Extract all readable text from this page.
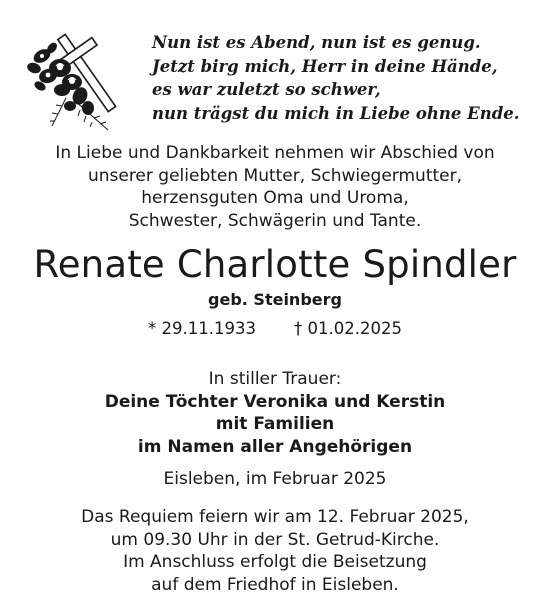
Nun ist es Abend, nun ist es genug.
Jetzt birg mich, Herr in deine Hände,
es war zuletzt so schwer,
nun trägst du mich in Liebe ohne Ende.
In Liebe und Dankbarkeit nehmen wir Abschied von
unserer geliebten Mutter, Schwiegermutter,
herzensguten Oma und Uroma,
Schwester, Schwägerin und Tante.
Renate Charlotte Spindler
geb. Steinberg
* 29.11.1933 † 01.02.2025
In stiller Trauer:
Deine Töchter Veronika und Kerstin
mit Familien
im Namen aller Angehörigen
Eisleben, im Februar 2025
Das Requiem feiern wir am 12. Februar 2025,
um 09.30 Uhr in der St. Getrud-Kirche.
Im Anschluss erfolgt die Beisetzung
auf dem Friedhof in Eisleben.
